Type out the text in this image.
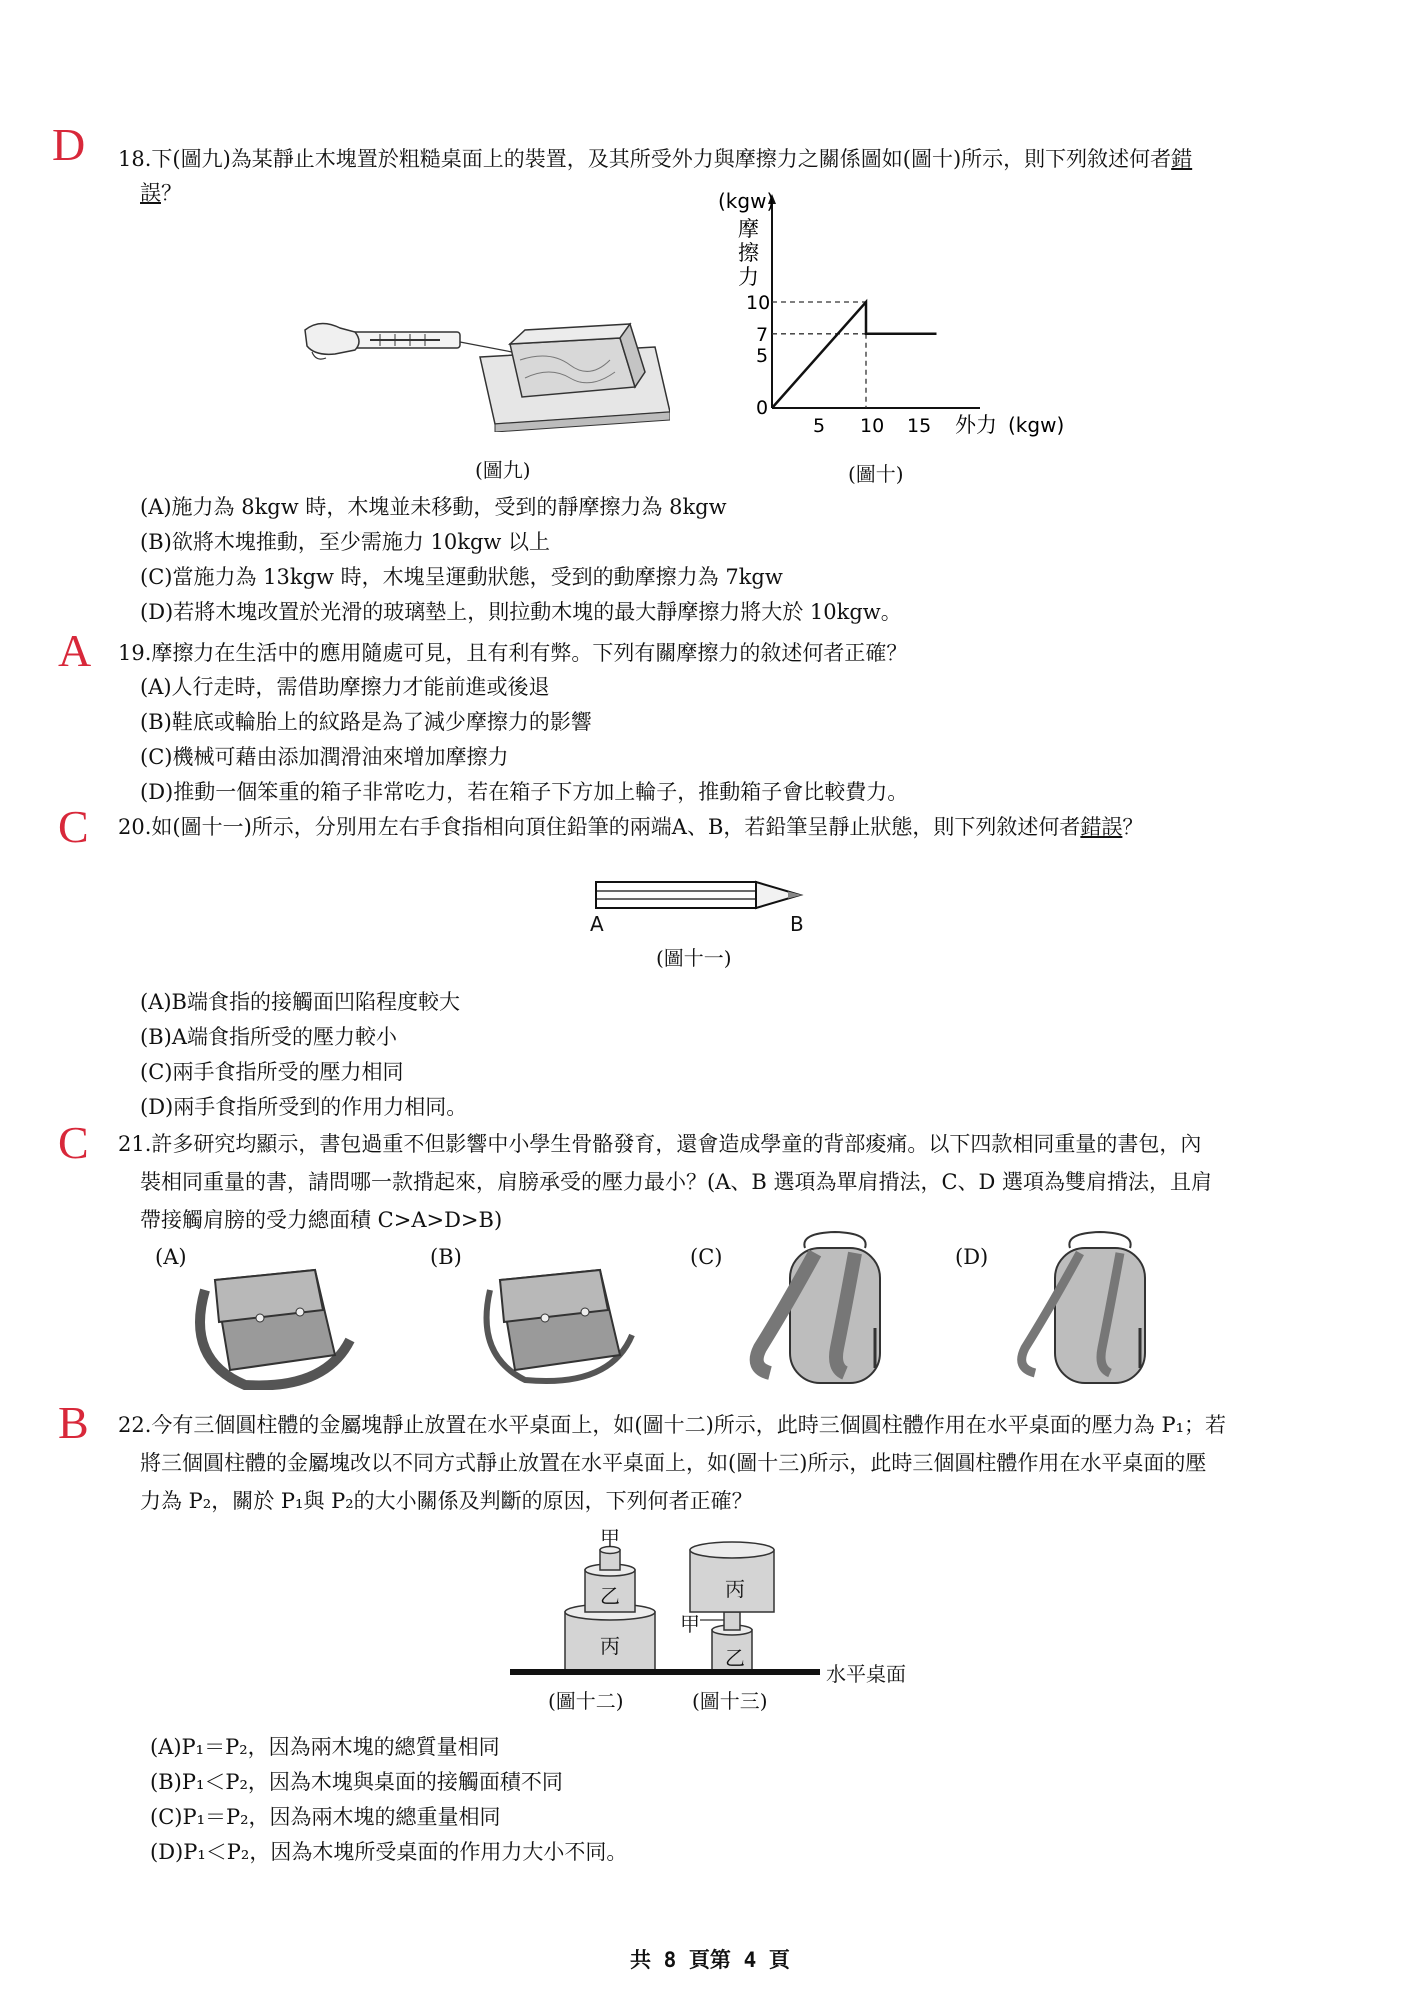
D 18.下(圖九)為某靜止木塊置於粗糙桌面上的裝置，及其所受外力與摩擦力之關係圖如(圖十)所示，則下列敘述何者錯
誤？
0
5 10 15
5
7
10
(kgw)
摩
擦
力
外力 (kgw)
(圖九)	(圖十)
(A)施力為 8kgw 時，木塊並未移動，受到的靜摩擦力為 8kgw
(B)欲將木塊推動，至少需施力 10kgw 以上
(C)當施力為 13kgw 時，木塊呈運動狀態，受到的動摩擦力為 7kgw
(D)若將木塊改置於光滑的玻璃墊上，則拉動木塊的最大靜摩擦力將大於 10kgw。
A 19.摩擦力在生活中的應用隨處可見，且有利有弊。下列有關摩擦力的敘述何者正確？
(A)人行走時，需借助摩擦力才能前進或後退
(B)鞋底或輪胎上的紋路是為了減少摩擦力的影響
(C)機械可藉由添加潤滑油來增加摩擦力
(D)推動一個笨重的箱子非常吃力，若在箱子下方加上輪子，推動箱子會比較費力。
C 20.如(圖十一)所示，分別用左右手食指相向頂住鉛筆的兩端A、B，若鉛筆呈靜止狀態，則下列敘述何者錯誤？
A	B
(圖十一)
(A)B端食指的接觸面凹陷程度較大
(B)A端食指所受的壓力較小
(C)兩手食指所受的壓力相同
(D)兩手食指所受到的作用力相同。
C 21.許多研究均顯示，書包過重不但影響中小學生骨骼發育，還會造成學童的背部痠痛。以下四款相同重量的書包，內
裝相同重量的書，請問哪一款揹起來，肩膀承受的壓力最小？(A、B 選項為單肩揹法，C、D 選項為雙肩揹法，且肩
帶接觸肩膀的受力總面積 C>A>D>B)
(A)	(B)	(C)	(D)
B 22.今有三個圓柱體的金屬塊靜止放置在水平桌面上，如(圖十二)所示，此時三個圓柱體作用在水平桌面的壓力為 P₁；若
將三個圓柱體的金屬塊改以不同方式靜止放置在水平桌面上，如(圖十三)所示，此時三個圓柱體作用在水平桌面的壓
力為 P₂，關於 P₁與 P₂的大小關係及判斷的原因，下列何者正確？
甲
乙
丙
丙
甲
乙
水平桌面
(圖十二)	(圖十三)
(A)P₁＝P₂，因為兩木塊的總質量相同
(B)P₁＜P₂，因為木塊與桌面的接觸面積不同
(C)P₁＝P₂，因為兩木塊的總重量相同
(D)P₁＜P₂，因為木塊所受桌面的作用力大小不同。
共 8 頁第 4 頁
